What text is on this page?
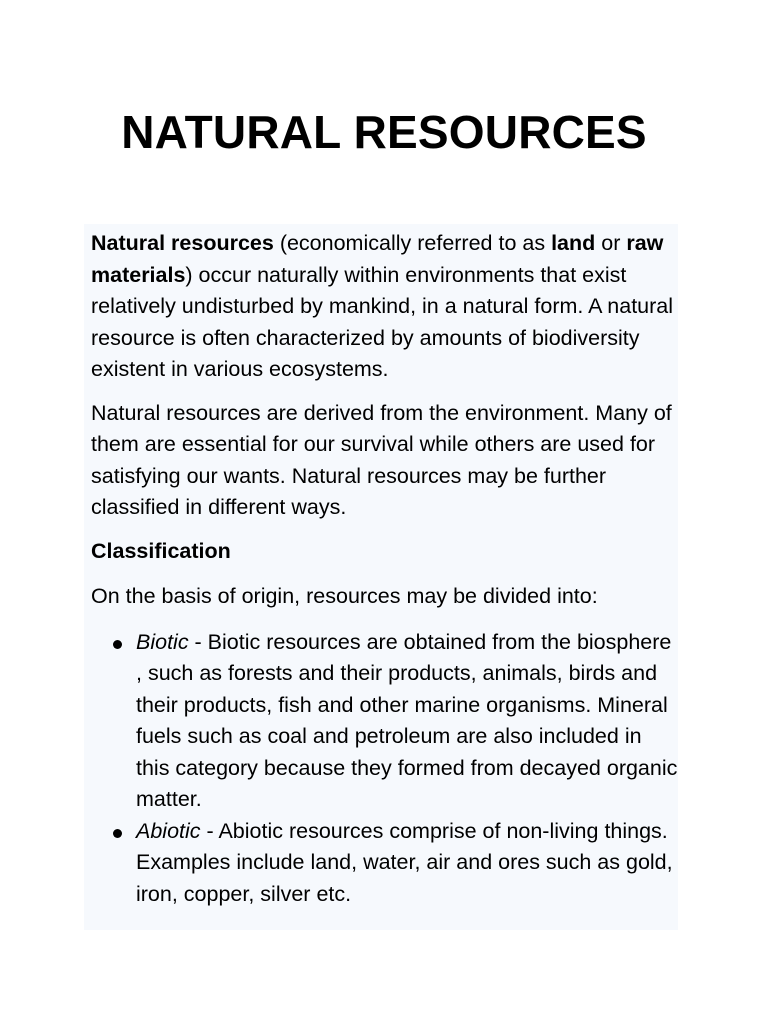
NATURAL RESOURCES

Natural resources (economically referred to as land or raw materials) occur naturally within environments that exist relatively undisturbed by mankind, in a natural form. A natural resource is often characterized by amounts of biodiversity existent in various ecosystems.

Natural resources are derived from the environment. Many of them are essential for our survival while others are used for satisfying our wants. Natural resources may be further classified in different ways.

Classification

On the basis of origin, resources may be divided into:

Biotic - Biotic resources are obtained from the biosphere , such as forests and their products, animals, birds and their products, fish and other marine organisms. Mineral fuels such as coal and petroleum are also included in this category because they formed from decayed organic matter.
Abiotic - Abiotic resources comprise of non-living things. Examples include land, water, air and ores such as gold, iron, copper, silver etc.
